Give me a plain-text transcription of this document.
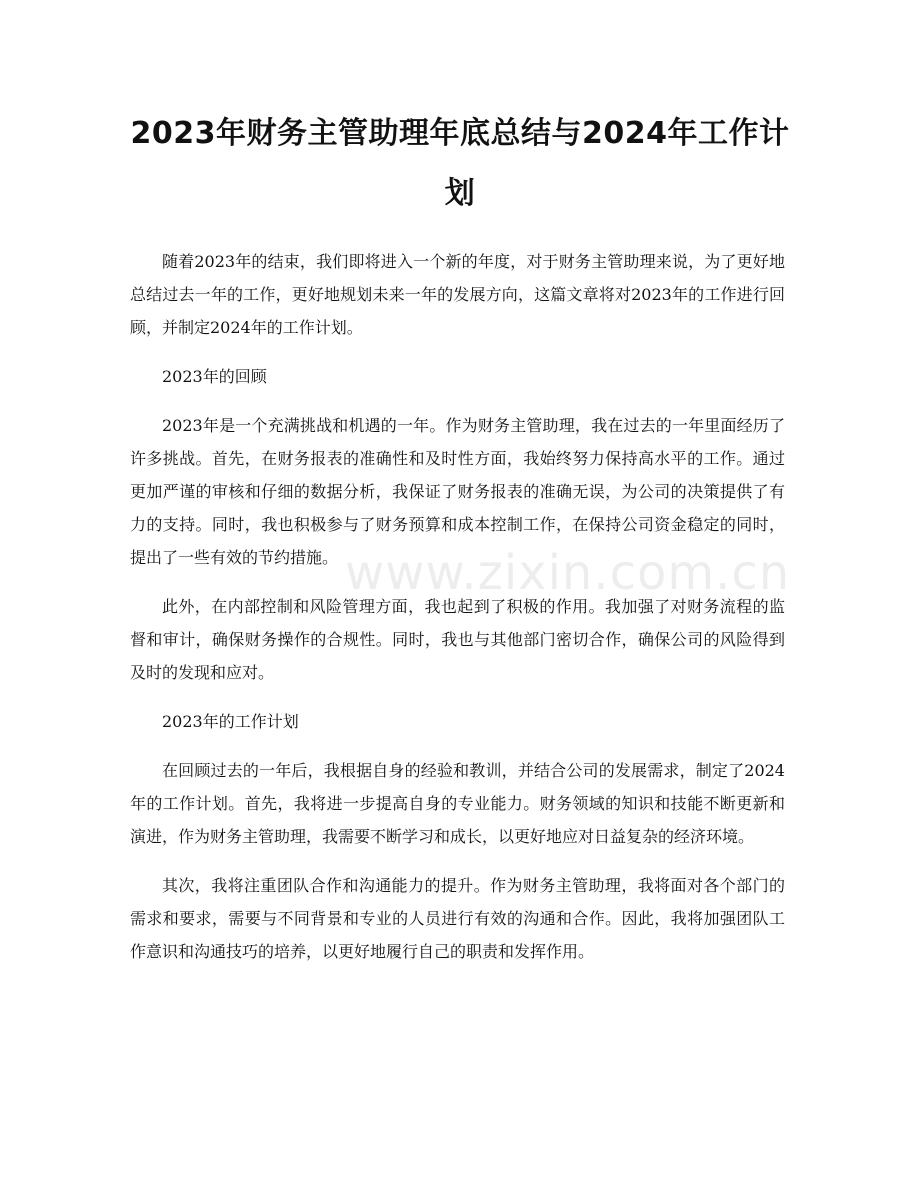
2023年财务主管助理年底总结与2024年工作计划

随着2023年的结束，我们即将进入一个新的年度，对于财务主管助理来说，为了更好地总结过去一年的工作，更好地规划未来一年的发展方向，这篇文章将对2023年的工作进行回顾，并制定2024年的工作计划。

2023年的回顾

2023年是一个充满挑战和机遇的一年。作为财务主管助理，我在过去的一年里面经历了许多挑战。首先，在财务报表的准确性和及时性方面，我始终努力保持高水平的工作。通过更加严谨的审核和仔细的数据分析，我保证了财务报表的准确无误，为公司的决策提供了有力的支持。同时，我也积极参与了财务预算和成本控制工作，在保持公司资金稳定的同时，提出了一些有效的节约措施。

此外，在内部控制和风险管理方面，我也起到了积极的作用。我加强了对财务流程的监督和审计，确保财务操作的合规性。同时，我也与其他部门密切合作，确保公司的风险得到及时的发现和应对。

2023年的工作计划

在回顾过去的一年后，我根据自身的经验和教训，并结合公司的发展需求，制定了2024年的工作计划。首先，我将进一步提高自身的专业能力。财务领域的知识和技能不断更新和演进，作为财务主管助理，我需要不断学习和成长，以更好地应对日益复杂的经济环境。

其次，我将注重团队合作和沟通能力的提升。作为财务主管助理，我将面对各个部门的需求和要求，需要与不同背景和专业的人员进行有效的沟通和合作。因此，我将加强团队工作意识和沟通技巧的培养，以更好地履行自己的职责和发挥作用。

www.zixin.com.cn
